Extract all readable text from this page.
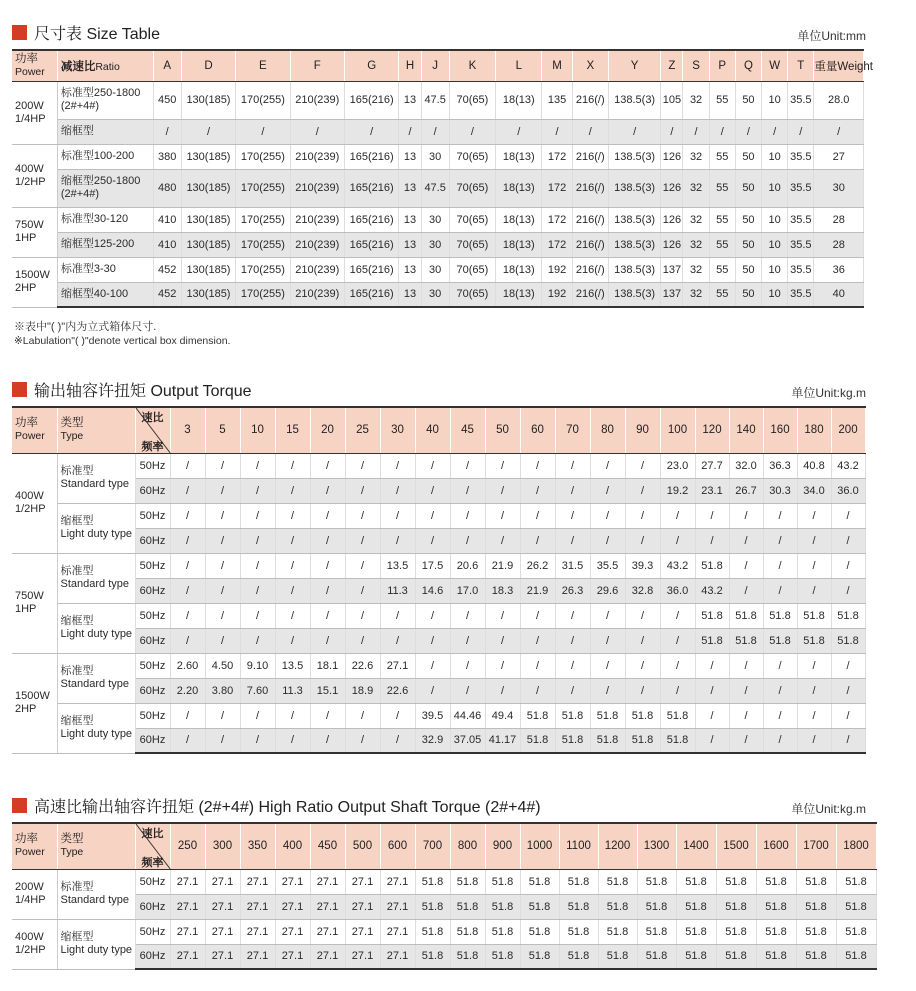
尺寸表 Size Table	单位Unit:mm
功率
Power	减速比Ratio	A	D	E	F	G	H	J	K	L	M	X	Y	Z	S	P	Q	W	T	重量Weight
200W
1/4HP	标准型250-1800
(2#+4#)	450	130(185)	170(255)	210(239)	165(216)	13	47.5	70(65)	18(13)	135	216(/)	138.5(3)	105	32	55	50	10	35.5	28.0
	缩框型	/	/	/	/	/	/	/	/	/	/	/	/	/	/	/	/	/	/	/
400W
1/2HP	标准型100-200	380	130(185)	170(255)	210(239)	165(216)	13	30	70(65)	18(13)	172	216(/)	138.5(3)	126	32	55	50	10	35.5	27
	缩框型250-1800
(2#+4#)	480	130(185)	170(255)	210(239)	165(216)	13	47.5	70(65)	18(13)	172	216(/)	138.5(3)	126	32	55	50	10	35.5	30
750W
1HP	标准型30-120	410	130(185)	170(255)	210(239)	165(216)	13	30	70(65)	18(13)	172	216(/)	138.5(3)	126	32	55	50	10	35.5	28
	缩框型125-200	410	130(185)	170(255)	210(239)	165(216)	13	30	70(65)	18(13)	172	216(/)	138.5(3)	126	32	55	50	10	35.5	28
1500W
2HP	标准型3-30	452	130(185)	170(255)	210(239)	165(216)	13	30	70(65)	18(13)	192	216(/)	138.5(3)	137	32	55	50	10	35.5	36
	缩框型40-100	452	130(185)	170(255)	210(239)	165(216)	13	30	70(65)	18(13)	192	216(/)	138.5(3)	137	32	55	50	10	35.5	40
※表中"( )"内为立式箱体尺寸.
※Labulation"( )"denote vertical box dimension.
输出轴容许扭矩 Output Torque	单位Unit:kg.m
功率
Power	类型
Type	速比
频率	3	5	10	15	20	25	30	40	45	50	60	70	80	90	100	120	140	160	180	200
400W
1/2HP	标准型
Standard type	50Hz	/	/	/	/	/	/	/	/	/	/	/	/	/	/	23.0	27.7	32.0	36.3	40.8	43.2
		60Hz	/	/	/	/	/	/	/	/	/	/	/	/	/	/	19.2	23.1	26.7	30.3	34.0	36.0
	缩框型
Light duty type	50Hz	/	/	/	/	/	/	/	/	/	/	/	/	/	/	/	/	/	/	/	/
		60Hz	/	/	/	/	/	/	/	/	/	/	/	/	/	/	/	/	/	/	/	/
750W
1HP	标准型
Standard type	50Hz	/	/	/	/	/	/	13.5	17.5	20.6	21.9	26.2	31.5	35.5	39.3	43.2	51.8	/	/	/	/
		60Hz	/	/	/	/	/	/	11.3	14.6	17.0	18.3	21.9	26.3	29.6	32.8	36.0	43.2	/	/	/	/
	缩框型
Light duty type	50Hz	/	/	/	/	/	/	/	/	/	/	/	/	/	/	/	51.8	51.8	51.8	51.8	51.8
		60Hz	/	/	/	/	/	/	/	/	/	/	/	/	/	/	/	51.8	51.8	51.8	51.8	51.8
1500W
2HP	标准型
Standard type	50Hz	2.60	4.50	9.10	13.5	18.1	22.6	27.1	/	/	/	/	/	/	/	/	/	/	/	/	/
		60Hz	2.20	3.80	7.60	11.3	15.1	18.9	22.6	/	/	/	/	/	/	/	/	/	/	/	/	/
	缩框型
Light duty type	50Hz	/	/	/	/	/	/	/	39.5	44.46	49.4	51.8	51.8	51.8	51.8	51.8	/	/	/	/	/
		60Hz	/	/	/	/	/	/	/	32.9	37.05	41.17	51.8	51.8	51.8	51.8	51.8	/	/	/	/	/
高速比输出轴容许扭矩 (2#+4#) High Ratio Output Shaft Torque (2#+4#)	单位Unit:kg.m
功率
Power	类型
Type	速比
频率	250	300	350	400	450	500	600	700	800	900	1000	1100	1200	1300	1400	1500	1600	1700	1800
200W
1/4HP	标准型
Standard type	50Hz	27.1	27.1	27.1	27.1	27.1	27.1	27.1	51.8	51.8	51.8	51.8	51.8	51.8	51.8	51.8	51.8	51.8	51.8	51.8
		60Hz	27.1	27.1	27.1	27.1	27.1	27.1	27.1	51.8	51.8	51.8	51.8	51.8	51.8	51.8	51.8	51.8	51.8	51.8	51.8
400W
1/2HP	缩框型
Light duty type	50Hz	27.1	27.1	27.1	27.1	27.1	27.1	27.1	51.8	51.8	51.8	51.8	51.8	51.8	51.8	51.8	51.8	51.8	51.8	51.8
		60Hz	27.1	27.1	27.1	27.1	27.1	27.1	27.1	51.8	51.8	51.8	51.8	51.8	51.8	51.8	51.8	51.8	51.8	51.8	51.8
